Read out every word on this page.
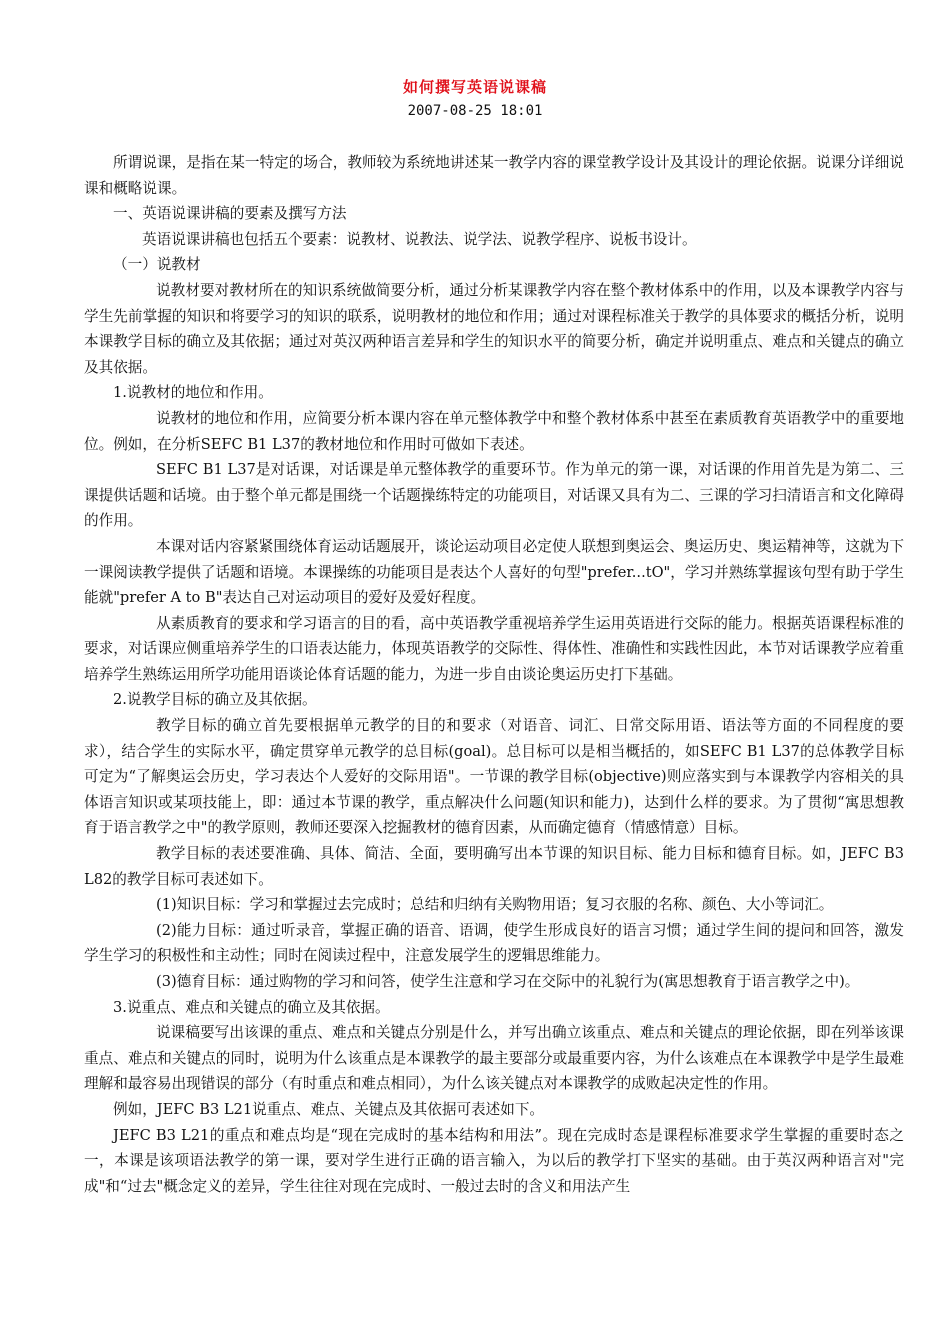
如何撰写英语说课稿
2007-08-25 18:01

所谓说课，是指在某一特定的场合，教师较为系统地讲述某一教学内容的课堂教学设计及其设计的理论依据。说课分详细说课和概略说课。

一、英语说课讲稿的要素及撰写方法

英语说课讲稿也包括五个要素：说教材、说教法、说学法、说教学程序、说板书设计。

（一）说教材

说教材要对教材所在的知识系统做简要分析，通过分析某课教学内容在整个教材体系中的作用，以及本课教学内容与学生先前掌握的知识和将要学习的知识的联系，说明教材的地位和作用；通过对课程标准关于教学的具体要求的概括分析，说明本课教学目标的确立及其依据；通过对英汉两种语言差异和学生的知识水平的简要分析，确定并说明重点、难点和关键点的确立及其依据。

1.说教材的地位和作用。

说教材的地位和作用，应简要分析本课内容在单元整体教学中和整个教材体系中甚至在素质教育英语教学中的重要地位。例如，在分析SEFC B1 L37的教材地位和作用时可做如下表述。

SEFC B1 L37是对话课，对话课是单元整体教学的重要环节。作为单元的第一课，对话课的作用首先是为第二、三课提供话题和话境。由于整个单元都是围绕一个话题操练特定的功能项目，对话课又具有为二、三课的学习扫清语言和文化障碍的作用。

本课对话内容紧紧围绕体育运动话题展开，谈论运动项目必定使人联想到奥运会、奥运历史、奥运精神等，这就为下一课阅读教学提供了话题和语境。本课操练的功能项目是表达个人喜好的句型"prefer...tO"，学习并熟练掌握该句型有助于学生能就"prefer A to B"表达自己对运动项目的爱好及爱好程度。

从素质教育的要求和学习语言的目的看，高中英语教学重视培养学生运用英语进行交际的能力。根据英语课程标准的要求，对话课应侧重培养学生的口语表达能力，体现英语教学的交际性、得体性、准确性和实践性因此，本节对话课教学应着重培养学生熟练运用所学功能用语谈论体育话题的能力，为进一步自由谈论奥运历史打下基础。

2.说教学目标的确立及其依据。

教学目标的确立首先要根据单元教学的目的和要求（对语音、词汇、日常交际用语、语法等方面的不同程度的要求），结合学生的实际水平，确定贯穿单元教学的总目标(goal)。总目标可以是相当概括的，如SEFC B1 L37的总体教学目标可定为“了解奥运会历史，学习表达个人爱好的交际用语"。一节课的教学目标(objective)则应落实到与本课教学内容相关的具体语言知识或某项技能上，即：通过本节课的教学，重点解决什么问题(知识和能力)，达到什么样的要求。为了贯彻“寓思想教育于语言教学之中"的教学原则，教师还要深入挖掘教材的德育因素，从而确定德育（情感情意）目标。

教学目标的表述要准确、具体、简洁、全面，要明确写出本节课的知识目标、能力目标和德育目标。如，JEFC B3 L82的教学目标可表述如下。

(1)知识目标：学习和掌握过去完成时；总结和归纳有关购物用语；复习衣服的名称、颜色、大小等词汇。

(2)能力目标：通过听录音，掌握正确的语音、语调，使学生形成良好的语言习惯；通过学生间的提问和回答，激发学生学习的积极性和主动性；同时在阅读过程中，注意发展学生的逻辑思维能力。

(3)德育目标：通过购物的学习和问答，使学生注意和学习在交际中的礼貌行为(寓思想教育于语言教学之中)。

3.说重点、难点和关键点的确立及其依据。

说课稿要写出该课的重点、难点和关键点分别是什么，并写出确立该重点、难点和关键点的理论依据，即在列举该课重点、难点和关键点的同时，说明为什么该重点是本课教学的最主要部分或最重要内容，为什么该难点在本课教学中是学生最难理解和最容易出现错误的部分（有时重点和难点相同），为什么该关键点对本课教学的成败起决定性的作用。

例如，JEFC B3 L21说重点、难点、关键点及其依据可表述如下。

JEFC B3 L21的重点和难点均是“现在完成时的基本结构和用法”。现在完成时态是课程标准要求学生掌握的重要时态之一，本课是该项语法教学的第一课，要对学生进行正确的语言输入，为以后的教学打下坚实的基础。由于英汉两种语言对"完成"和“过去"概念定义的差异，学生往往对现在完成时、一般过去时的含义和用法产生
